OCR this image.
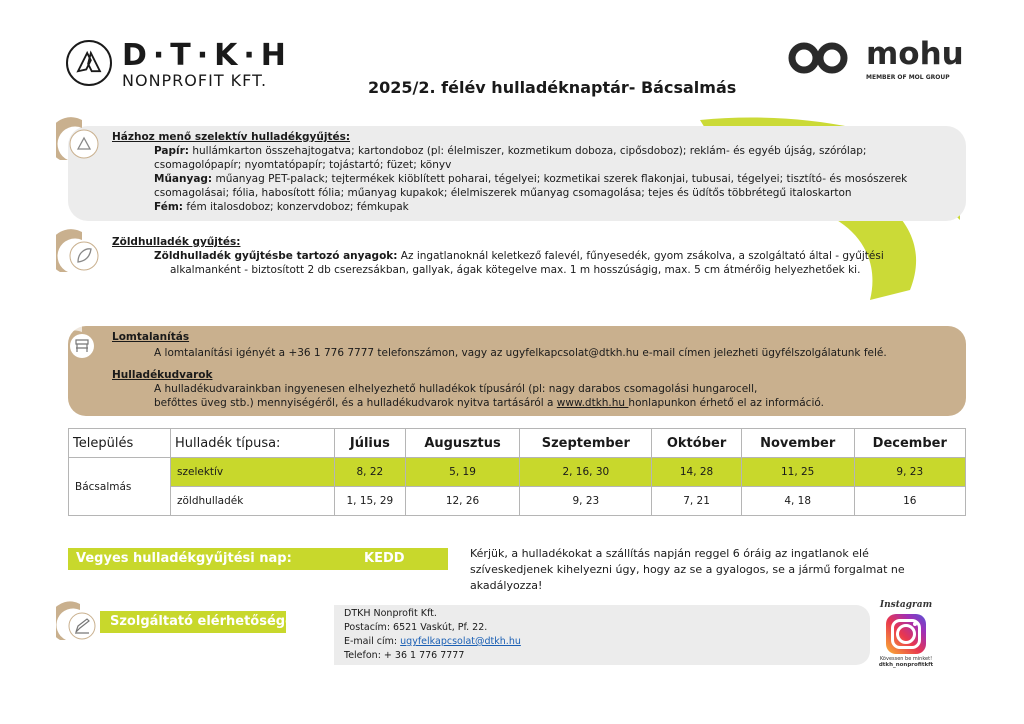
D·T·K·H
NONPROFIT KFT.
mohu
MEMBER OF MOL GROUP
2025/2. félév hulladéknaptár- Bácsalmás
Házhoz menő szelektív hulladékgyűjtés:
Papír: hullámkarton összehajtogatva; kartondoboz (pl: élelmiszer, kozmetikum doboza, cipősdoboz); reklám- és egyéb újság, szórólap;
csomagolópapír; nyomtatópapír; tojástartó; füzet; könyv
Műanyag: műanyag PET-palack; tejtermékek kiöblített poharai, tégelyei; kozmetikai szerek flakonjai, tubusai, tégelyei; tisztító- és mosószerek
csomagolásai; fólia, habosított fólia; műanyag kupakok; élelmiszerek műanyag csomagolása; tejes és üdítős többrétegű italoskarton
Fém: fém italosdoboz; konzervdoboz; fémkupak
Zöldhulladék gyűjtés:
Zöldhulladék gyűjtésbe tartozó anyagok: Az ingatlanoknál keletkező falevél, fűnyesedék, gyom zsákolva, a szolgáltató által - gyűjtési
alkalmanként - biztosított 2 db cserezsákban, gallyak, ágak kötegelve max. 1 m hosszúságig, max. 5 cm átmérőig helyezhetőek ki.
Lomtalanítás
A lomtalanítási igényét a +36 1 776 7777 telefonszámon, vagy az ugyfelkapcsolat@dtkh.hu e-mail címen jelezheti ügyfélszolgálatunk felé.
Hulladékudvarok
A hulladékudvarainkban ingyenesen elhelyezhető hulladékok típusáról (pl: nagy darabos csomagolási hungarocell,
befőttes üveg stb.) mennyiségéről, és a hulladékudvarok nyitva tartásáról a www.dtkh.hu honlapunkon érhető el az információ.
Település	Hulladék típusa:	Július	Augusztus	Szeptember	Október	November	December
Bácsalmás	szelektív	8, 22	5, 19	2, 16, 30	14, 28	11, 25	9, 23
	zöldhulladék	1, 15, 29	12, 26	9, 23	7, 21	4, 18	16
Vegyes hulladékgyűjtési nap:	KEDD	Kérjük, a hulladékokat a szállítás napján reggel 6 óráig az ingatlanok elé szíveskedjenek kihelyezni úgy, hogy az se a gyalogos, se a jármű forgalmat ne akadályozza!
Szolgáltató elérhetősége:
DTKH Nonprofit Kft.
Postacím: 6521 Vaskút, Pf. 22.
E-mail cím: ugyfelkapcsolat@dtkh.hu
Telefon: + 36 1 776 7777
Instagram
Kövessen be minket!
dtkh_nonprofitkft
